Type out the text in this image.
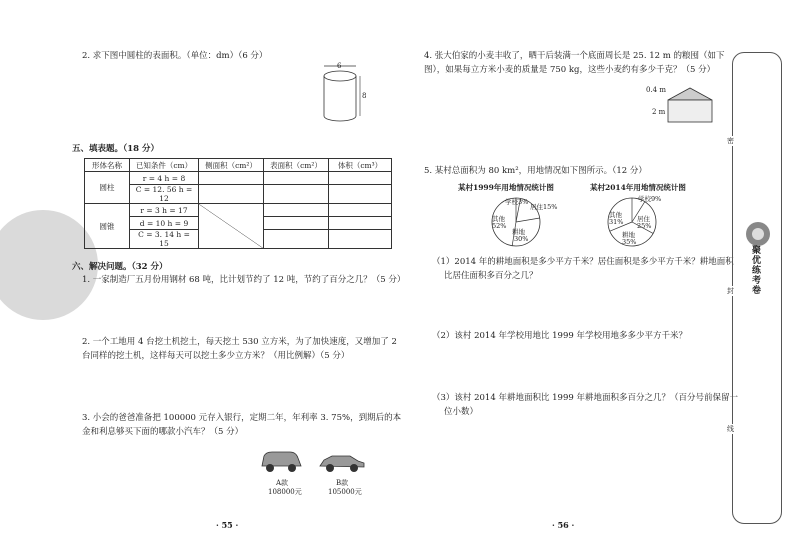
2. 求下图中圆柱的表面积。（单位：dm）（6 分）
6
8
五、填表题。（18 分）
形体名称	已知条件（cm）	侧面积（cm²）	表面积（cm²）	体积（cm³）
圆柱	r = 4 h = 8			
	C = 12. 56 h = 12			
圆锥	r = 3 h = 17			
	d = 10 h = 9			
	C = 3. 14 h = 15			
六、解决问题。（32 分）
1. 一家制造厂五月份用钢材 68 吨，比计划节约了 12 吨，节约了百分之几？（5 分）
2. 一个工地用 4 台挖土机挖土，每天挖土 530 立方米，为了加快速度，又增加了 2
台同样的挖土机，这样每天可以挖土多少立方米？（用比例解）（5 分）
3. 小会的爸爸准备把 100000 元存入银行，定期二年，年利率 3. 75%，到期后的本
金和利息够买下面的哪款小汽车？（5 分）
A款
108000元
B款
105000元
· 55 ·
4. 张大伯家的小麦丰收了，晒干后装满一个底面周长是 25. 12 m 的粮囤（如下
图），如果每立方米小麦的质量是 750 kg，这些小麦约有多少千克？（5 分）
0.4 m
2 m
5. 某村总面积为 80 km²，用地情况如下图所示。（12 分）
某村1999年用地情况统计图	某村2014年用地情况统计图
学校3%
居住15%
其他
52%
耕地
30%
学校9%
其他
31% 居住
25%
耕地
35%
（1）2014 年的耕地面积是多少平方千米？居住面积是多少平方千米？耕地面积
比居住面积多百分之几？
（2）该村 2014 年学校用地比 1999 年学校用地多多少平方千米？
（3）该村 2014 年耕地面积比 1999 年耕地面积多百分之几？（百分号前保留一
位小数）
· 56 ·
密
封
线
聚优练考卷
